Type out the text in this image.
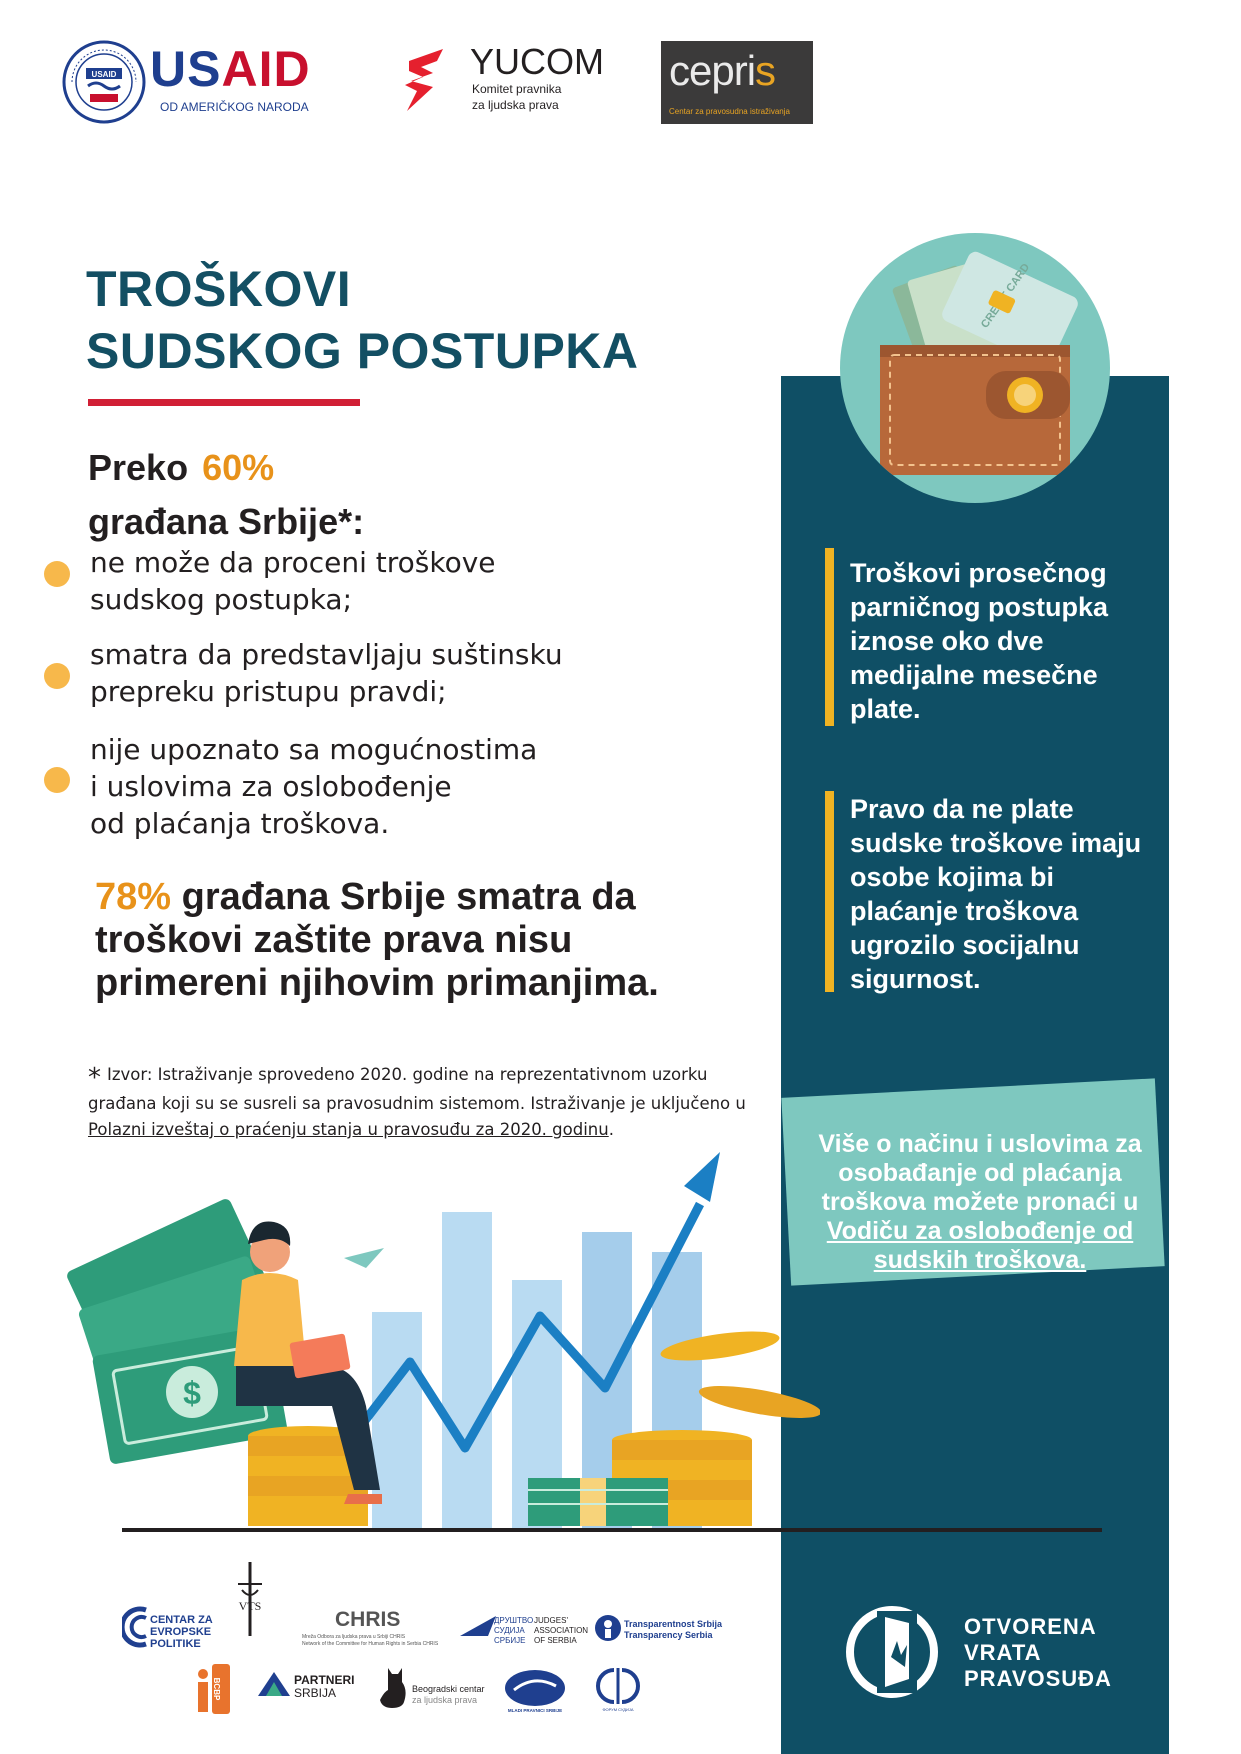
USAID USAID
OD AMERIČKOG NARODA
YUCOM
Komitet pravnika
za ljudska prava
cepris
Centar za pravosudna istraživanja
TROŠKOVI
SUDSKOG POSTUPKA
Preko 60%
građana Srbije*:
ne može da proceni troškove
sudskog postupka;
smatra da predstavljaju suštinsku
prepreku pristupu pravdi;
nije upoznato sa mogućnostima
i uslovima za oslobođenje
od plaćanja troškova.
78% građana Srbije smatra da troškovi zaštite prava nisu primereni njihovim primanjima.
* Izvor: Istraživanje sprovedeno 2020. godine na reprezentativnom uzorku građana koji su se susreli sa pravosudnim sistemom. Istraživanje je uključeno u Polazni izveštaj o praćenju stanja u pravosuđu za 2020. godinu.
CREDIT CARD
Troškovi prosečnog parničnog postupka iznose oko dve medijalne mesečne plate.
Pravo da ne plate sudske troškove imaju osobe kojima bi plaćanje troškova ugrozilo socijalnu sigurnost.
Više o načinu i uslovima za osobađanje od plaćanja troškova možete pronaći u Vodiču za oslobođenje od sudskih troškova.
$
CENTAR ZA
EVROPSKE
POLITIKE
VTS
CHRIS
Mreža Odbora za ljudska prava u Srbiji CHRIS
Network of the Committee for Human Rights in Serbia CHRIS
ДРУШТВО
СУДИЈА
СРБИЈЕ
JUDGES'
ASSOCIATION
OF SERBIA
Transparentnost Srbija
Transparency Serbia
BCBP	PARTNERI
SRBIJA	Beogradski centar
za ljudska prava
MLADI PRAVNICI SRBIJE	ФОРУМ СУДИЈА
OTVORENA
VRATA
PRAVOSUĐA
